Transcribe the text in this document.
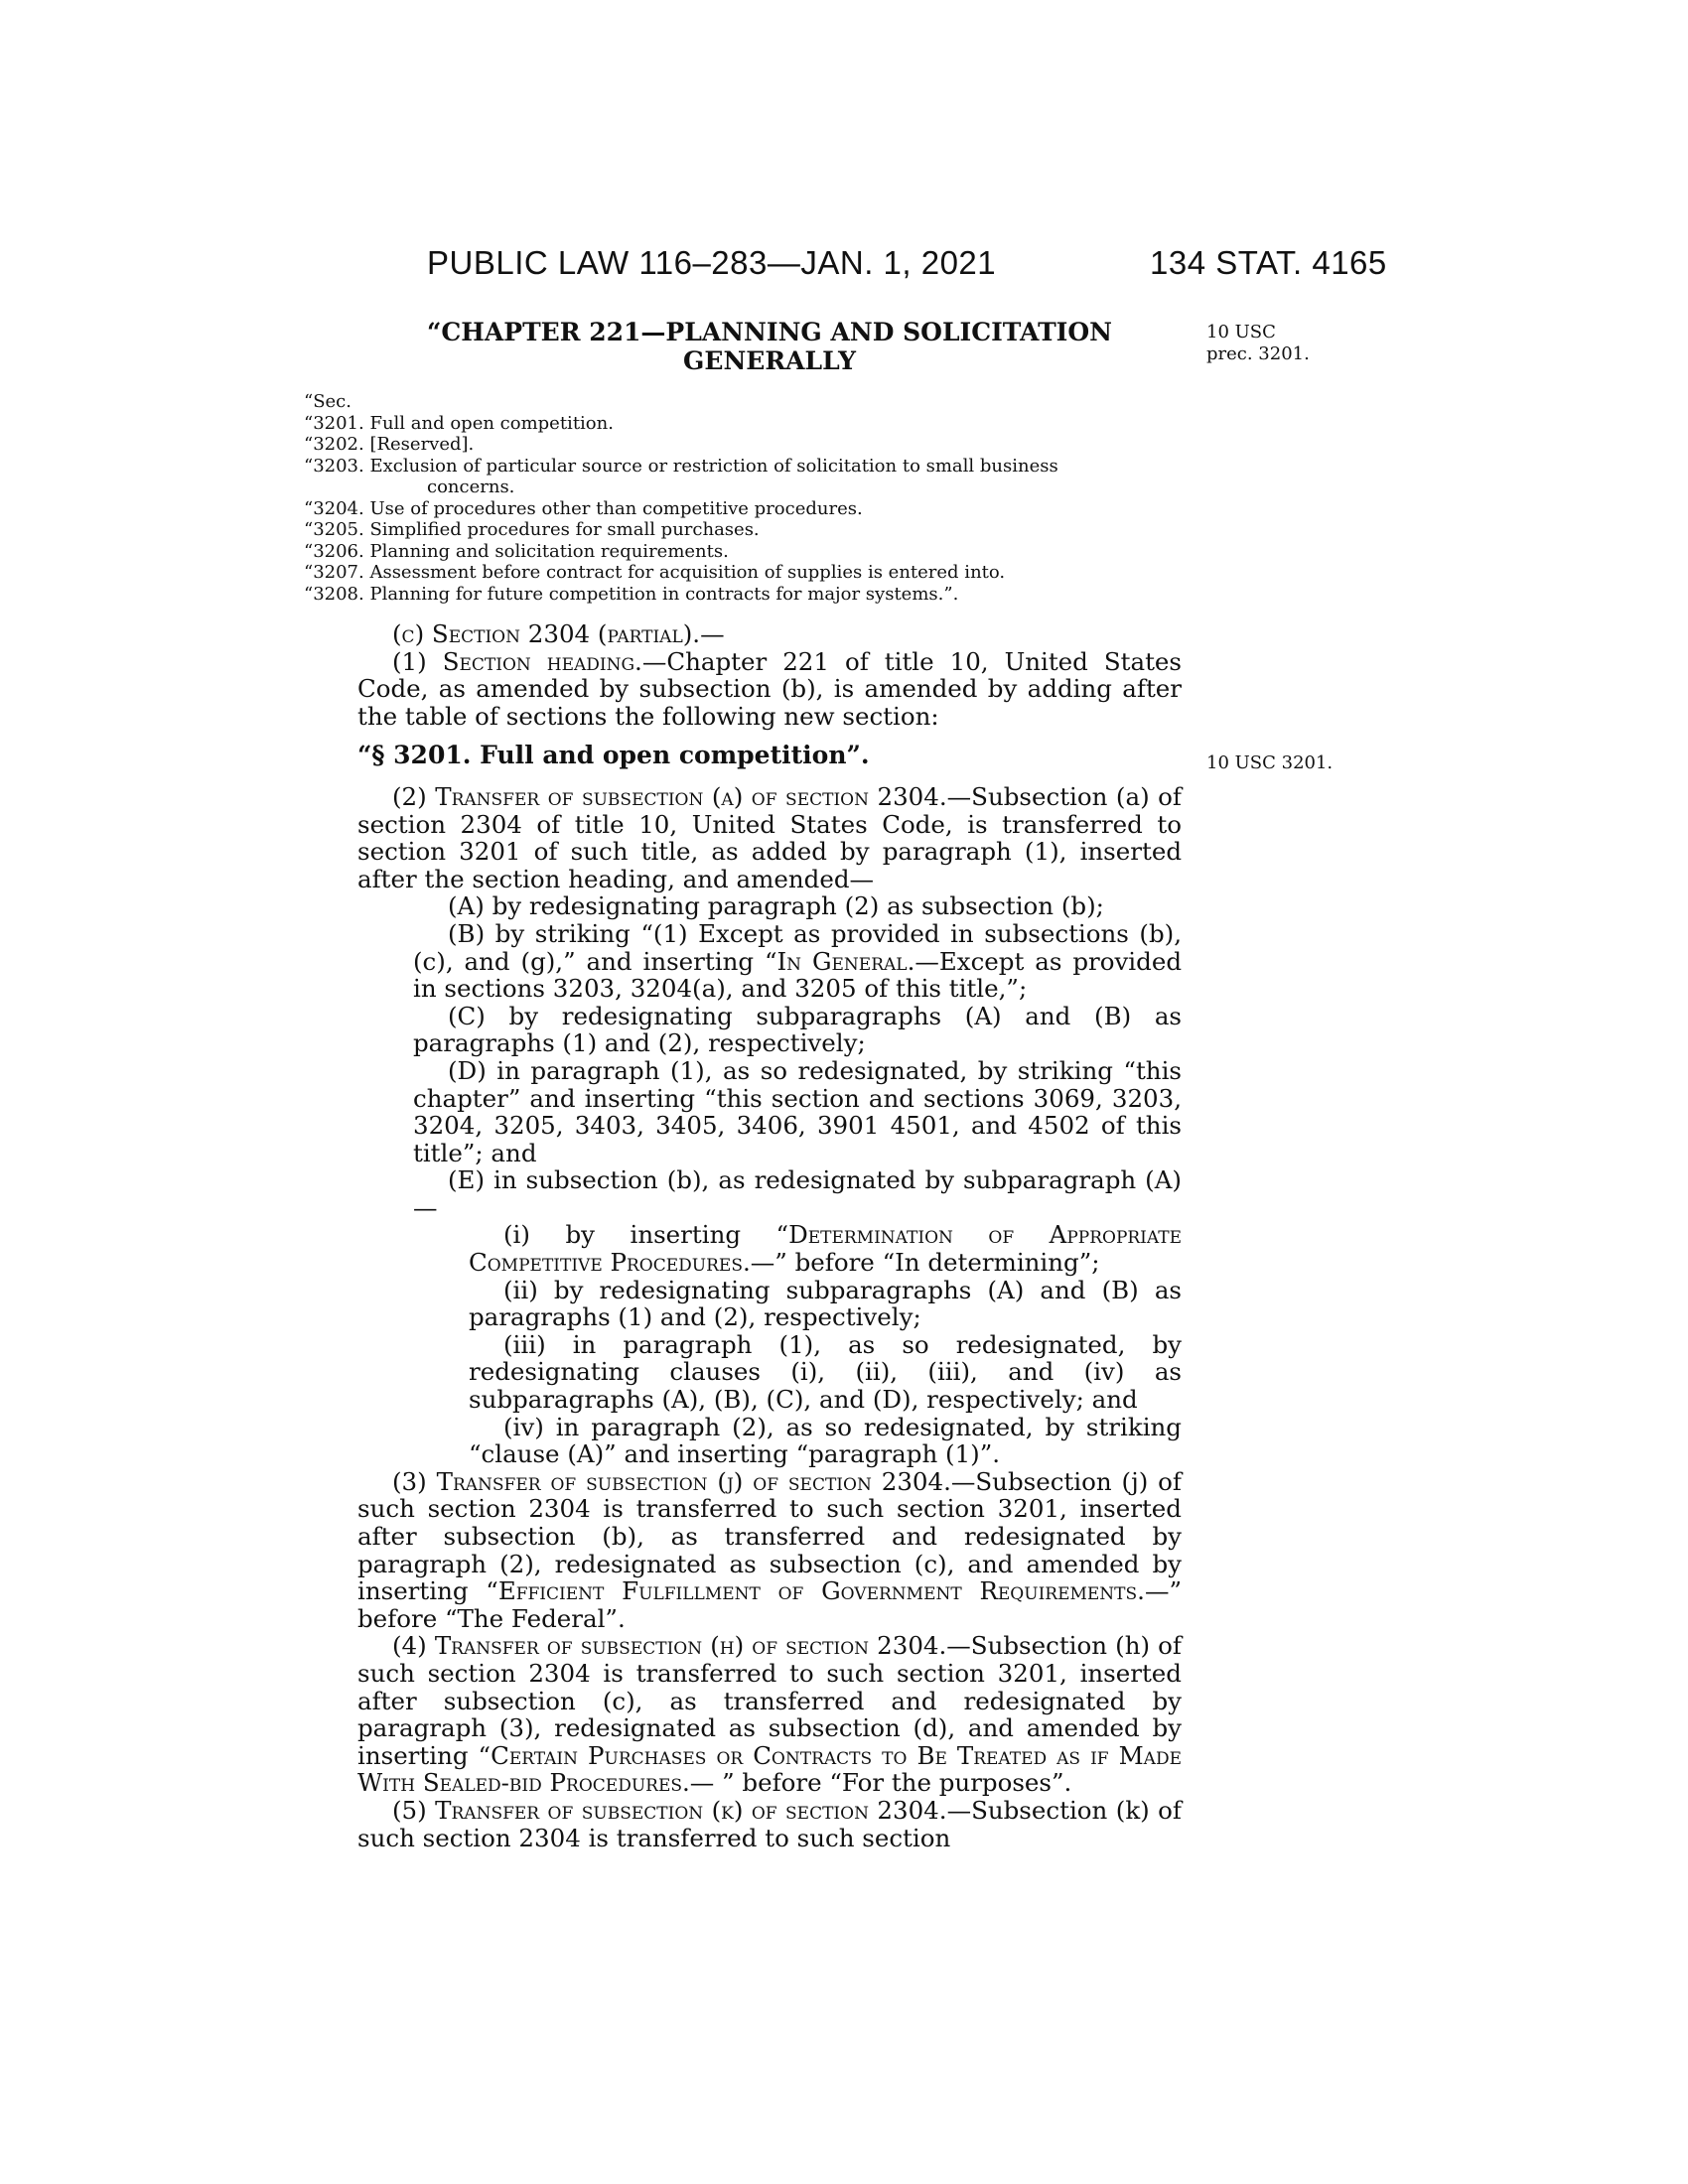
PUBLIC LAW 116–283—JAN. 1, 2021	134 STAT. 4165
“CHAPTER 221—PLANNING AND SOLICITATION
GENERALLY
10 USC
prec. 3201.
“Sec.
“3201. Full and open competition.
“3202. [Reserved].
“3203. Exclusion of particular source or restriction of solicitation to small business
concerns.
“3204. Use of procedures other than competitive procedures.
“3205. Simplified procedures for small purchases.
“3206. Planning and solicitation requirements.
“3207. Assessment before contract for acquisition of supplies is entered into.
“3208. Planning for future competition in contracts for major systems.”.
10 USC 3201.

(c) Section 2304 (partial).—

(1) Section heading.—Chapter 221 of title 10, United States Code, as amended by subsection (b), is amended by adding after the table of sections the following new section:

“§ 3201. Full and open competition”.

(2) Transfer of subsection (a) of section 2304.—Subsection (a) of section 2304 of title 10, United States Code, is transferred to section 3201 of such title, as added by paragraph (1), inserted after the section heading, and amended—

(A) by redesignating paragraph (2) as subsection (b);

(B) by striking “(1) Except as provided in subsections (b), (c), and (g),” and inserting “In General.—Except as provided in sections 3203, 3204(a), and 3205 of this title,”;

(C) by redesignating subparagraphs (A) and (B) as paragraphs (1) and (2), respectively;

(D) in paragraph (1), as so redesignated, by striking “this chapter” and inserting “this section and sections 3069, 3203, 3204, 3205, 3403, 3405, 3406, 3901 4501, and 4502 of this title”; and

(E) in subsection (b), as redesignated by subparagraph (A)—

(i) by inserting “Determination of Appropriate Competitive Procedures.—” before “In determining”;

(ii) by redesignating subparagraphs (A) and (B) as paragraphs (1) and (2), respectively;

(iii) in paragraph (1), as so redesignated, by redesignating clauses (i), (ii), (iii), and (iv) as subparagraphs (A), (B), (C), and (D), respectively; and

(iv) in paragraph (2), as so redesignated, by striking “clause (A)” and inserting “paragraph (1)”.

(3) Transfer of subsection (j) of section 2304.—Subsection (j) of such section 2304 is transferred to such section 3201, inserted after subsection (b), as transferred and redesignated by paragraph (2), redesignated as subsection (c), and amended by inserting “Efficient Fulfillment of Government Requirements.—” before “The Federal”.

(4) Transfer of subsection (h) of section 2304.—Subsection (h) of such section 2304 is transferred to such section 3201, inserted after subsection (c), as transferred and redesignated by paragraph (3), redesignated as subsection (d), and amended by inserting “Certain Purchases or Contracts to Be Treated as if Made With Sealed-bid Procedures.— ” before “For the purposes”.

(5) Transfer of subsection (k) of section 2304.—Subsection (k) of such section 2304 is transferred to such section
